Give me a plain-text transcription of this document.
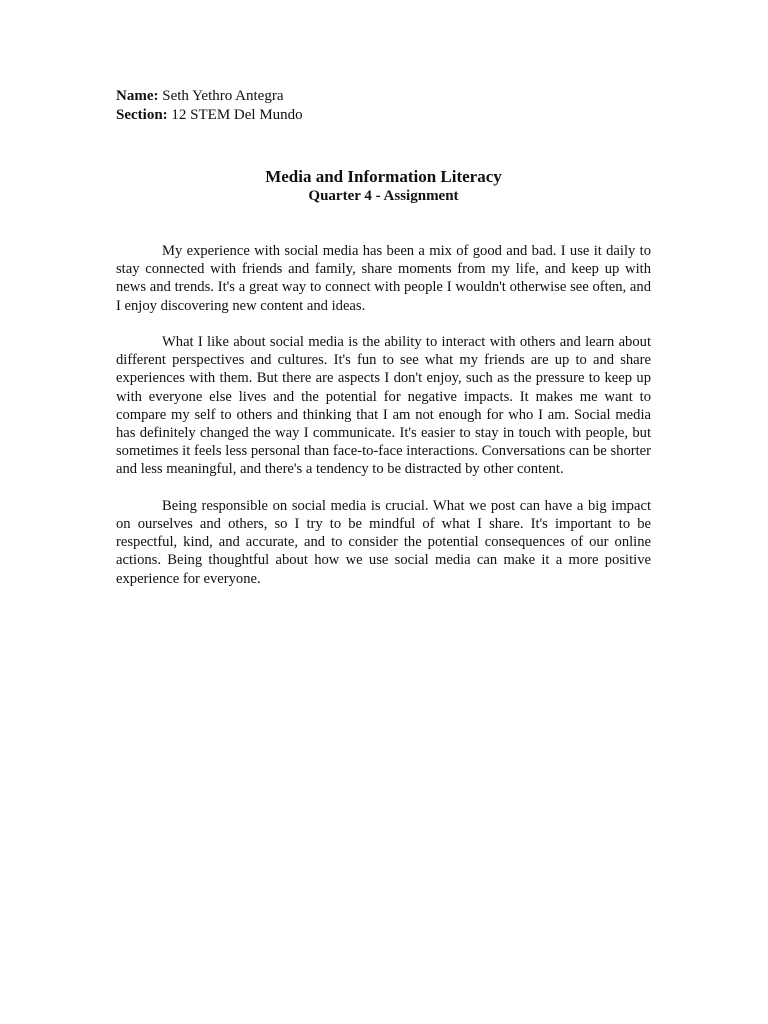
Name: Seth Yethro Antegra
Section: 12 STEM Del Mundo
Media and Information Literacy
Quarter 4 - Assignment

My experience with social media has been a mix of good and bad. I use it daily to stay connected with friends and family, share moments from my life, and keep up with news and trends. It's a great way to connect with people I wouldn't otherwise see often, and I enjoy discovering new content and ideas.

What I like about social media is the ability to interact with others and learn about different perspectives and cultures. It's fun to see what my friends are up to and share experiences with them. But there are aspects I don't enjoy, such as the pressure to keep up with everyone else lives and the potential for negative impacts. It makes me want to compare my self to others and thinking that I am not enough for who I am. Social media has definitely changed the way I communicate. It's easier to stay in touch with people, but sometimes it feels less personal than face-to-face interactions. Conversations can be shorter and less meaningful, and there's a tendency to be distracted by other content.

Being responsible on social media is crucial. What we post can have a big impact on ourselves and others, so I try to be mindful of what I share. It's important to be respectful, kind, and accurate, and to consider the potential consequences of our online actions. Being thoughtful about how we use social media can make it a more positive experience for everyone.
